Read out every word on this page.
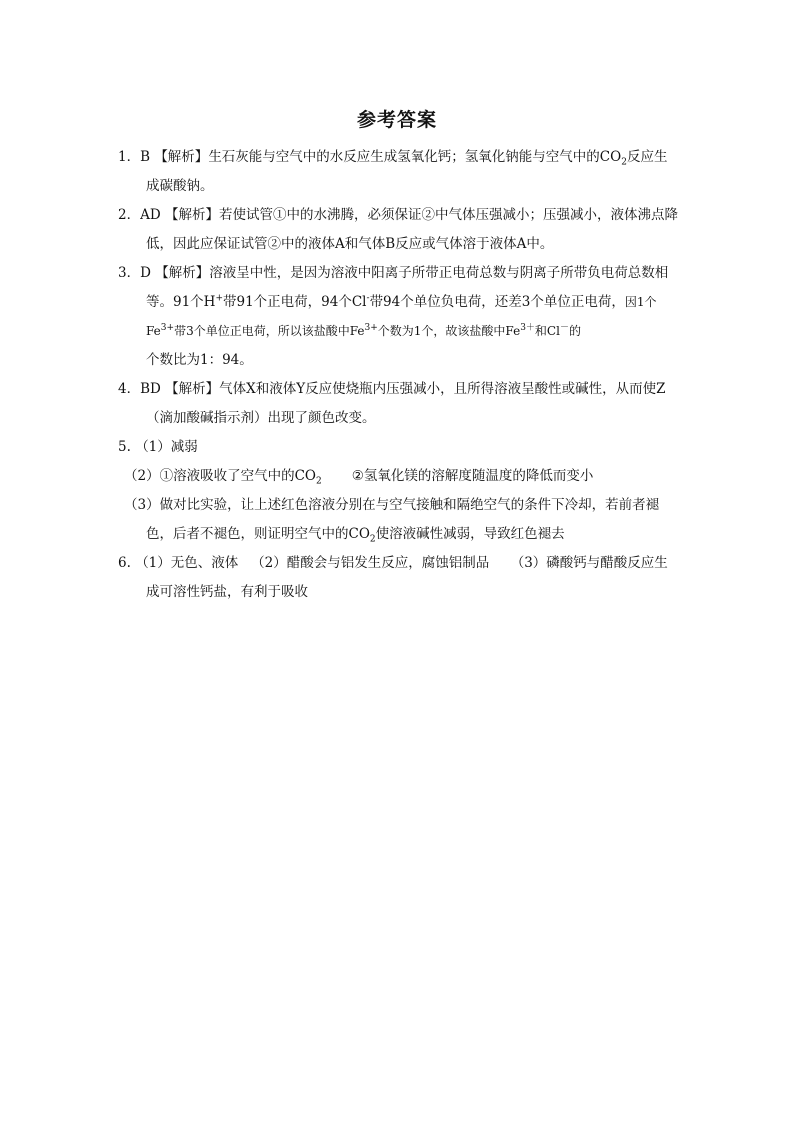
参考答案

1．B 【解析】生石灰能与空气中的水反应生成氢氧化钙；氢氧化钠能与空气中的$CO_2$反应生成碳酸钠。

2．AD 【解析】若使试管①中的水沸腾，必须保证②中气体压强减小；压强减小，液体沸点降低，因此应保证试管②中的液体A和气体B反应或气体溶于液体A中。

3．D 【解析】溶液呈中性，是因为溶液中阳离子所带正电荷总数与阴离子所带负电荷总数相等。91个H+带91个正电荷，94个Cl-带94个单位负电荷，还差3个单位正电荷，因1个$Fe^{3+}$带3个单位正电荷，所以该盐酸中$Fe^{3+}$个数为1个，故该盐酸中$Fe^{3+}$和Cl－的
个数比为1：94。

4．BD 【解析】气体X和液体Y反应使烧瓶内压强减小，且所得溶液呈酸性或碱性，从而使Z（滴加酸碱指示剂）出现了颜色改变。

5. （1）减弱

（2）①溶液吸收了空气中的$CO_2$ ②氢氧化镁的溶解度随温度的降低而变小

（3）做对比实验，让上述红色溶液分别在与空气接触和隔绝空气的条件下冷却，若前者褪色，后者不褪色，则证明空气中的$CO_2$使溶液碱性减弱，导致红色褪去

6. （1）无色、液体 （2）醋酸会与铝发生反应，腐蚀铝制品 （3）磷酸钙与醋酸反应生成可溶性钙盐，有利于吸收
